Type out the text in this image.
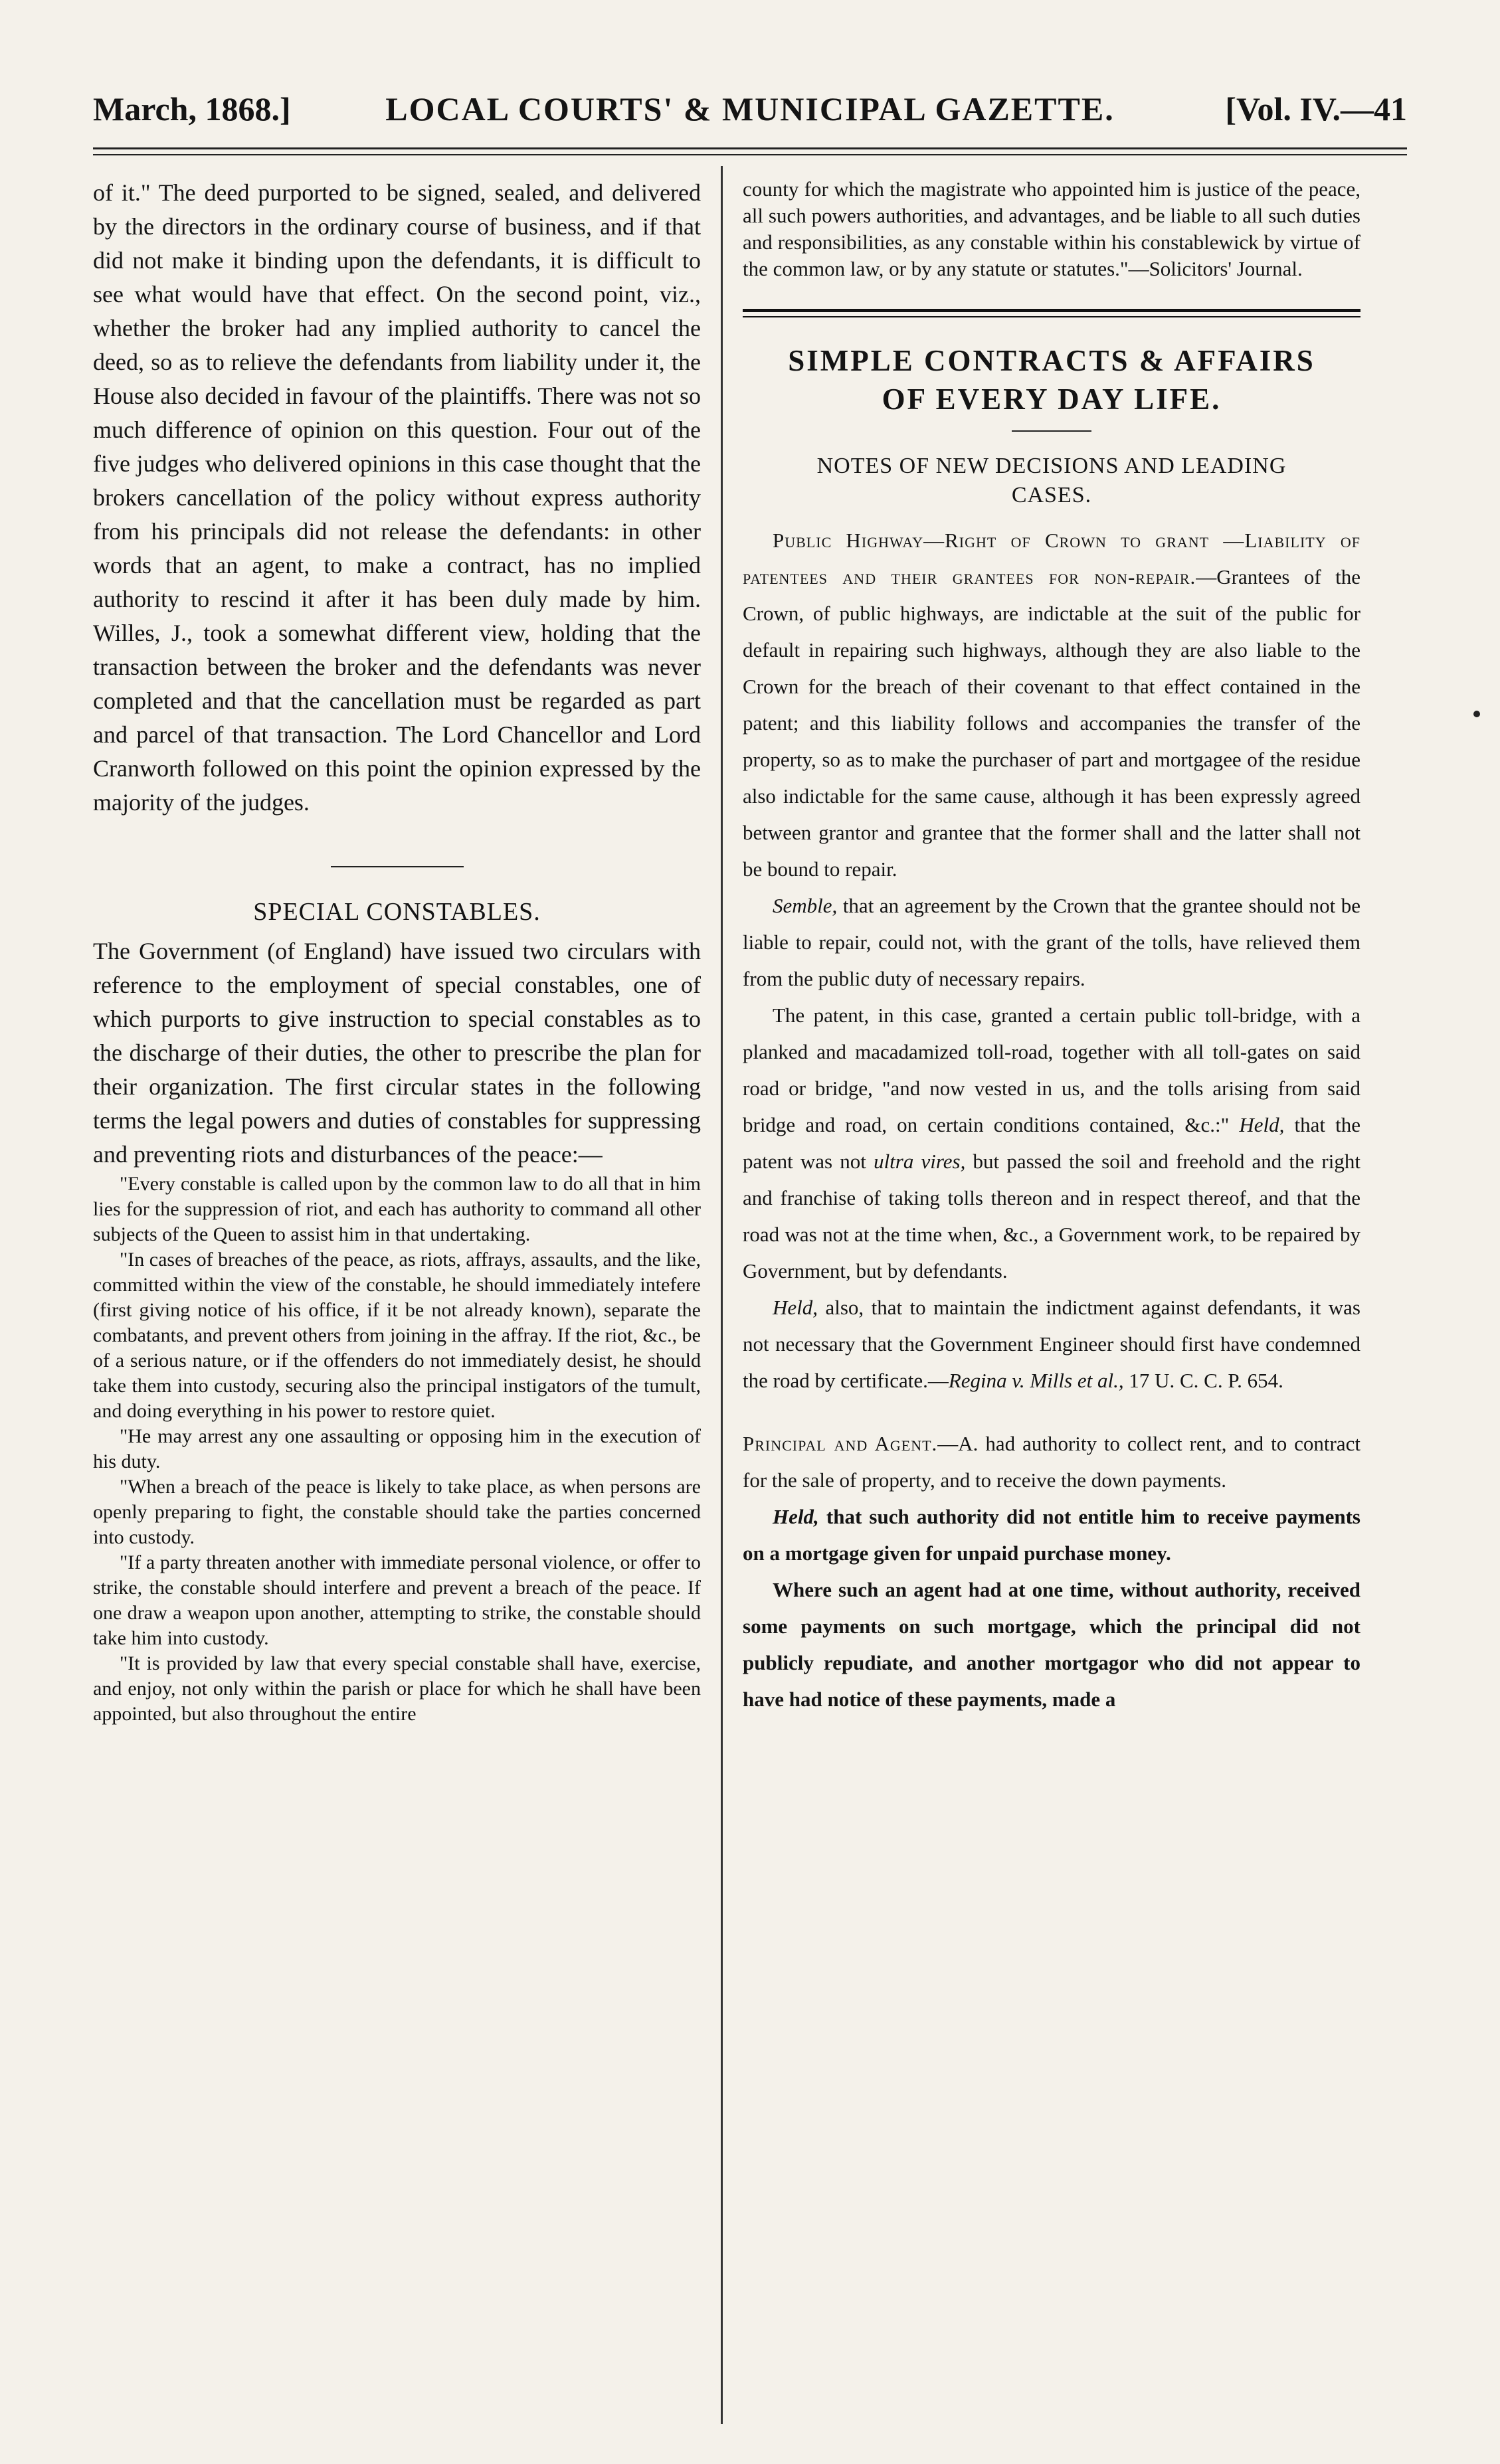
March, 1868.]	LOCAL COURTS' & MUNICIPAL GAZETTE.	[Vol. IV.—41

of it." The deed purported to be signed, sealed, and delivered by the directors in the ordinary course of business, and if that did not make it binding upon the defendants, it is difficult to see what would have that effect. On the second point, viz., whether the broker had any implied authority to cancel the deed, so as to relieve the defendants from liability under it, the House also decided in favour of the plaintiffs. There was not so much difference of opinion on this question. Four out of the five judges who delivered opinions in this case thought that the brokers cancellation of the policy without express authority from his principals did not release the defendants: in other words that an agent, to make a contract, has no implied authority to rescind it after it has been duly made by him. Willes, J., took a somewhat different view, holding that the transaction between the broker and the defendants was never completed and that the cancellation must be regarded as part and parcel of that transaction. The Lord Chancellor and Lord Cranworth followed on this point the opinion expressed by the majority of the judges.

SPECIAL CONSTABLES.

The Government (of England) have issued two circulars with reference to the employment of special constables, one of which purports to give instruction to special constables as to the discharge of their duties, the other to prescribe the plan for their organization. The first circular states in the following terms the legal powers and duties of constables for suppressing and preventing riots and disturbances of the peace:—

"Every constable is called upon by the common law to do all that in him lies for the suppression of riot, and each has authority to command all other subjects of the Queen to assist him in that undertaking.

"In cases of breaches of the peace, as riots, affrays, assaults, and the like, committed within the view of the constable, he should immediately intefere (first giving notice of his office, if it be not already known), separate the combatants, and prevent others from joining in the affray. If the riot, &c., be of a serious nature, or if the offenders do not immediately desist, he should take them into custody, securing also the principal instigators of the tumult, and doing everything in his power to restore quiet.

"He may arrest any one assaulting or opposing him in the execution of his duty.

"When a breach of the peace is likely to take place, as when persons are openly preparing to fight, the constable should take the parties concerned into custody.

"If a party threaten another with immediate personal violence, or offer to strike, the constable should interfere and prevent a breach of the peace. If one draw a weapon upon another, attempting to strike, the constable should take him into custody.

"It is provided by law that every special constable shall have, exercise, and enjoy, not only within the parish or place for which he shall have been appointed, but also throughout the entire

county for which the magistrate who appointed him is justice of the peace, all such powers authorities, and advantages, and be liable to all such duties and responsibilities, as any constable within his constablewick by virtue of the common law, or by any statute or statutes."—Solicitors' Journal.

SIMPLE CONTRACTS & AFFAIRS
OF EVERY DAY LIFE.
NOTES OF NEW DECISIONS AND LEADING
CASES.

Public Highway—Right of Crown to grant —Liability of patentees and their grantees for non-repair.—Grantees of the Crown, of public highways, are indictable at the suit of the public for default in repairing such highways, although they are also liable to the Crown for the breach of their covenant to that effect contained in the patent; and this liability follows and accompanies the transfer of the property, so as to make the purchaser of part and mortgagee of the residue also indictable for the same cause, although it has been expressly agreed between grantor and grantee that the former shall and the latter shall not be bound to repair.

Semble, that an agreement by the Crown that the grantee should not be liable to repair, could not, with the grant of the tolls, have relieved them from the public duty of necessary repairs.

The patent, in this case, granted a certain public toll-bridge, with a planked and macadamized toll-road, together with all toll-gates on said road or bridge, "and now vested in us, and the tolls arising from said bridge and road, on certain conditions contained, &c.:" Held, that the patent was not ultra vires, but passed the soil and freehold and the right and franchise of taking tolls thereon and in respect thereof, and that the road was not at the time when, &c., a Government work, to be repaired by Government, but by defendants.

Held, also, that to maintain the indictment against defendants, it was not necessary that the Government Engineer should first have condemned the road by certificate.—Regina v. Mills et al., 17 U. C. C. P. 654.

Principal and Agent.—A. had authority to collect rent, and to contract for the sale of property, and to receive the down payments.

Held, that such authority did not entitle him to receive payments on a mortgage given for unpaid purchase money.

Where such an agent had at one time, without authority, received some payments on such mortgage, which the principal did not publicly repudiate, and another mortgagor who did not appear to have had notice of these payments, made a
